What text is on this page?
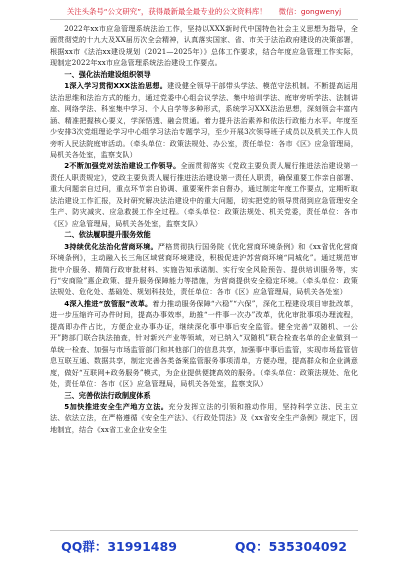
关注头条号“公文研究”，获得最新最全最专业的公文资料库！ 微信：gongwenyj

2022年xx市应急管理系统法治工作，坚持以XXX新时代中国特色社会主义思想为指导，全面贯彻党的十九大及XX届历次全会精神，认真落实国家、省、市关于法治政府建设的决策部署，根据xx市《法治xx建设规划（2021—2025年）》总体工作要求，结合年度应急管理工作实际，现制定2022年xx市应急管理系统法治建设工作要点。

一、强化法治建设组织领导

1深入学习贯彻XXX法治思想。建设健全领导干部带头学法、模范守法机制。不断提高运用法治思维和法治方式的能力，通过党委中心组会议学法、集中培训学法、庭审旁听学法、法制讲座、网络学法、科室集中学习、个人自学等多种形式，系统学习XXX法治思想，深刻领会丰富内涵、精准把握核心要义，学深悟透、融会贯通。着力提升法治素养和依法行政能力水平。年度至少安排3次党组理论学习中心组学习法治专题学习，至少开展3次领导班子成员以及机关工作人员旁听人民法院庭审活动。（牵头单位：政策法规处、办公室，责任单位：各市《区》应急管理局，局机关各处室，监察支队）

2不断加强党对法治建设工作领导。全面贯彻落实《党政主要负责人履行推进法治建设第一责任人职责规定》，党政主要负责人履行推进法治建设第一责任人职责，确保重要工作亲自部署、重大问题亲自过问，重点环节亲自协调、重要案件亲自督办，通过制定年度工作要点，定期听取法治建设工作汇报，及时研究解决法治建设中的重大问题，切实把党的领导贯彻到应急管理安全生产、防灾减灾、应急救援工作全过程。（牵头单位：政策法规处、机关党委，责任单位：各市《区》应急管理局，局机关各处室，监察支队）

二、依法履职提升服务效能

3持续优化法治化营商环境。严格贯彻执行国务院《优化营商环境条例》和《xx省优化营商环境条例》，主动融入长三角区域营商环境建设，积极促进沪苏营商环境“同城化”。通过规范审批中介服务、精简行政审批材料、实施告知承诺制、实行安全风险预告、提供培训服务等，实行“安商险”惠企政策、提升服务保障能力等措施，为营商提供安全稳定环境。（牵头单位：政策法规处、危化处、基础处、规划科技处，责任单位：各市《区》应急管理局，局机关各处室）

4深入推进“放管服”改革。着力推动服务保障“六稳”“六保”，深化工程建设项目审批改革，进一步压缩许可办件时间，提高办事效率，助推“一件事一次办”改革，优化审批事项办理流程，提高即办件占比，方便企业办事办证，继续深化事中事后安全监管。健全完善“双随机、一公开”跨部门联合执法抽查，针对新兴产业等领域，对已纳入“双随机”联合检查名单的企业做到一单统一检查、加强与市场监管部门和其他部门的信息共享，加强事中事后监管，实现市场监管信息互联互通、数据共享，制定完善各类备案监管服务事项清单，方便办理，提高群众和企业满意度，做好“互联网+政务服务”模式，为企业提供便捷高效的服务。（牵头单位：政策法规处、危化处，责任单位：各市《区》应急管理局，局机关各处室，监察支队）

三、完善依法行政制度体系

5加快推进安全生产地方立法。充分发挥立法的引领和推动作用，坚持科学立法、民主立法、依法立法，在严格遵循《安全生产法》、《行政处罚法》及《xx省安全生产条例》规定下，因地制宜，结合《xx省工业企业安全生

QQ群：31991489	QQ：535304092
